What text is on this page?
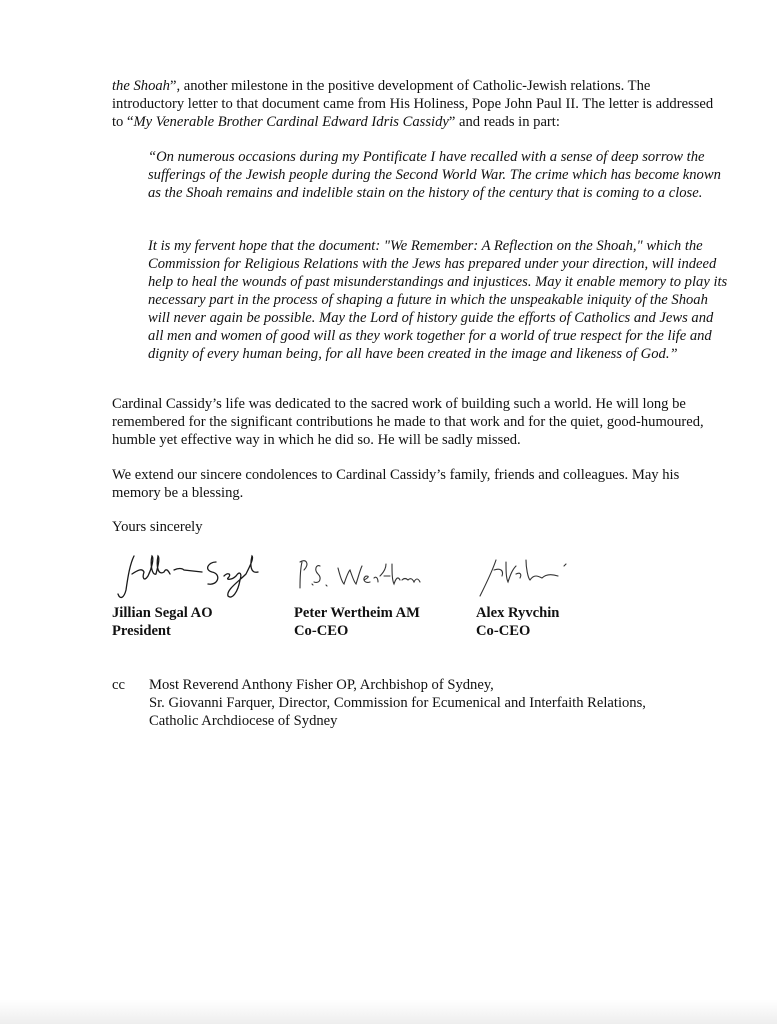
the Shoah”, another milestone in the positive development of Catholic-Jewish relations. The introductory letter to that document came from His Holiness, Pope John Paul II. The letter is addressed to “My Venerable Brother Cardinal Edward Idris Cassidy” and reads in part:

“On numerous occasions during my Pontificate I have recalled with a sense of deep sorrow the sufferings of the Jewish people during the Second World War. The crime which has become known as the Shoah remains and indelible stain on the history of the century that is coming to a close.

It is my fervent hope that the document: "We Remember: A Reflection on the Shoah," which the Commission for Religious Relations with the Jews has prepared under your direction, will indeed help to heal the wounds of past misunderstandings and injustices. May it enable memory to play its necessary part in the process of shaping a future in which the unspeakable iniquity of the Shoah will never again be possible. May the Lord of history guide the efforts of Catholics and Jews and all men and women of good will as they work together for a world of true respect for the life and dignity of every human being, for all have been created in the image and likeness of God.”

Cardinal Cassidy’s life was dedicated to the sacred work of building such a world. He will long be remembered for the significant contributions he made to that work and for the quiet, good-humoured, humble yet effective way in which he did so. He will be sadly missed.

We extend our sincere condolences to Cardinal Cassidy’s family, friends and colleagues. May his memory be a blessing.

Yours sincerely

Jillian Segal AO
President
Peter Wertheim AM
Co-CEO
Alex Ryvchin
Co-CEO
cc Most Reverend Anthony Fisher OP, Archbishop of Sydney,
Sr. Giovanni Farquer, Director, Commission for Ecumenical and Interfaith Relations,
Catholic Archdiocese of Sydney
